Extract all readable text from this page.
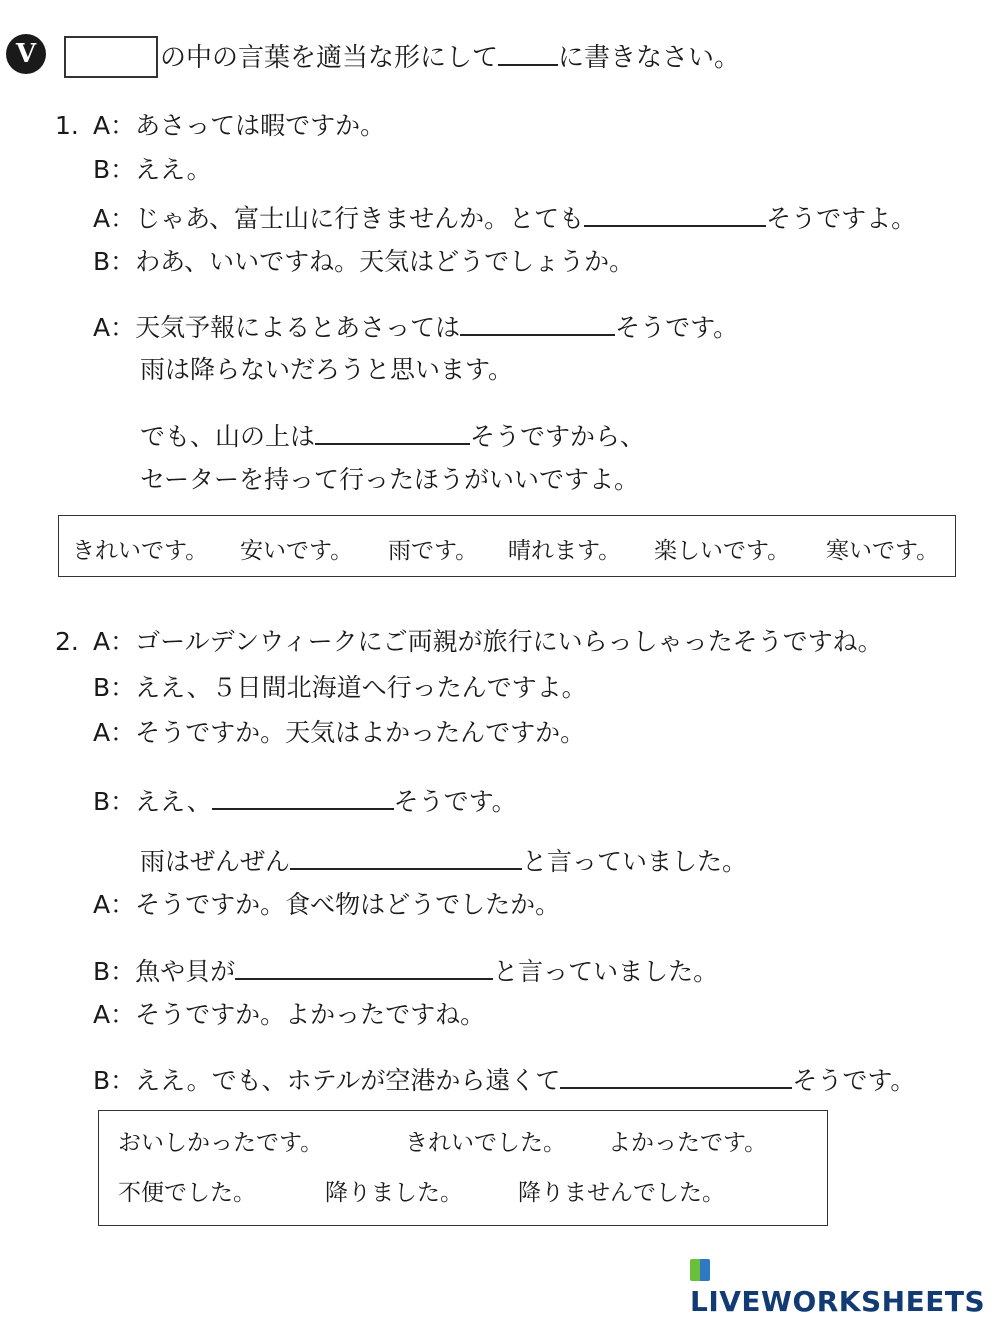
V	の中の言葉を適当な形にして に書きなさい。
1. A：あさっては暇ですか。
B：ええ。
A：じゃあ、富士山に行きませんか。とても	そうですよ。
B：わあ、いいですね。天気はどうでしょうか。
A：天気予報によるとあさっては	そうです。
雨は降らないだろうと思います。
でも、山の上は	そうですから、
セーターを持って行ったほうがいいですよ。
きれいです。 安いです。 雨です。 晴れます。 楽しいです。 寒いです。
2. A：ゴールデンウィークにご両親が旅行にいらっしゃったそうですね。
B：ええ、５日間北海道へ行ったんですよ。
A：そうですか。天気はよかったんですか。
B：ええ、	そうです。
雨はぜんぜん	と言っていました。
A：そうですか。食べ物はどうでしたか。
B：魚や貝が	と言っていました。
A：そうですか。よかったですね。
B：ええ。でも、ホテルが空港から遠くて	そうです。
おいしかったです。	きれいでした。 よかったです。
不便でした。	降りました。 降りませんでした。
LIVEWORKSHEETS
